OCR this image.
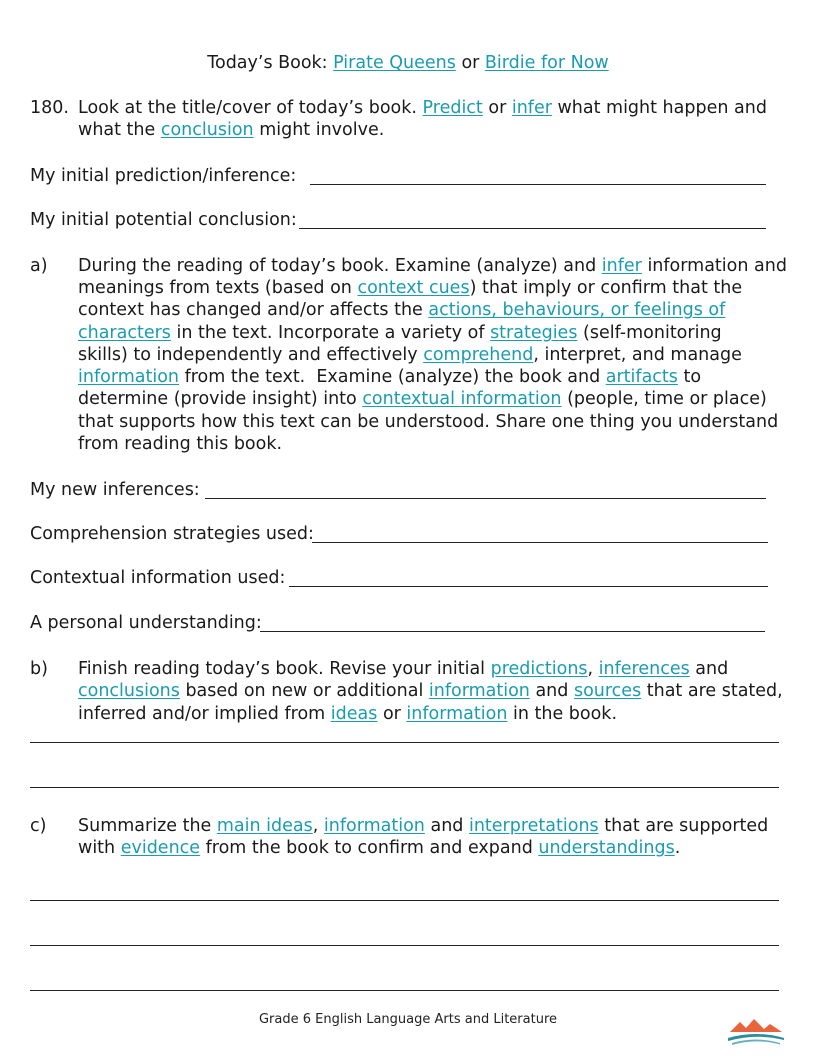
Today’s Book: Pirate Queens or Birdie for Now
180. Look at the title/cover of today’s book. Predict or infer what might happen and
what the conclusion might involve.
My initial prediction/inference:
My initial potential conclusion:
a) During the reading of today’s book. Examine (analyze) and infer information and
meanings from texts (based on context cues) that imply or confirm that the
context has changed and/or affects the actions, behaviours, or feelings of
characters in the text. Incorporate a variety of strategies (self-monitoring
skills) to independently and effectively comprehend, interpret, and manage
information from the text.  Examine (analyze) the book and artifacts to
determine (provide insight) into contextual information (people, time or place)
that supports how this text can be understood. Share one thing you understand
from reading this book.
My new inferences:
Comprehension strategies used:
Contextual information used:
A personal understanding:
b) Finish reading today’s book. Revise your initial predictions, inferences and
conclusions based on new or additional information and sources that are stated,
inferred and/or implied from ideas or information in the book.
c) Summarize the main ideas, information and interpretations that are supported
with evidence from the book to confirm and expand understandings.
Grade 6 English Language Arts and Literature
